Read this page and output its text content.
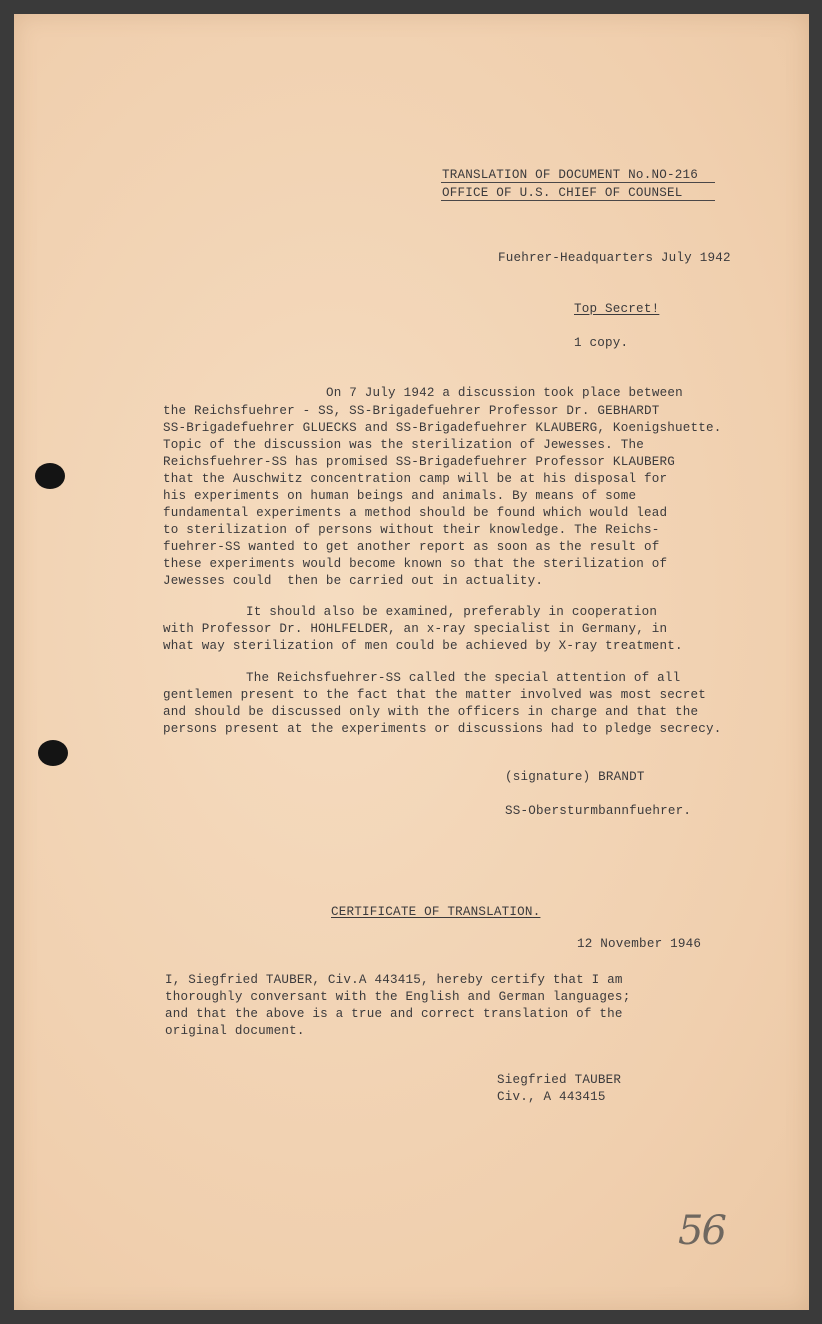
TRANSLATION OF DOCUMENT No.NO-216
OFFICE OF U.S. CHIEF OF COUNSEL
Fuehrer-Headquarters July 1942
Top Secret!
1 copy.
On 7 July 1942 a discussion took place between
the Reichsfuehrer - SS, SS-Brigadefuehrer Professor Dr. GEBHARDT
SS-Brigadefuehrer GLUECKS and SS-Brigadefuehrer KLAUBERG, Koenigshuette.
Topic of the discussion was the sterilization of Jewesses. The
Reichsfuehrer-SS has promised SS-Brigadefuehrer Professor KLAUBERG
that the Auschwitz concentration camp will be at his disposal for
his experiments on human beings and animals. By means of some
fundamental experiments a method should be found which would lead
to sterilization of persons without their knowledge. The Reichs-
fuehrer-SS wanted to get another report as soon as the result of
these experiments would become known so that the sterilization of
Jewesses could  then be carried out in actuality.
It should also be examined, preferably in cooperation
with Professor Dr. HOHLFELDER, an x-ray specialist in Germany, in
what way sterilization of men could be achieved by X-ray treatment.
The Reichsfuehrer-SS called the special attention of all
gentlemen present to the fact that the matter involved was most secret
and should be discussed only with the officers in charge and that the
persons present at the experiments or discussions had to pledge secrecy.
(signature) BRANDT
SS-Obersturmbannfuehrer.
CERTIFICATE OF TRANSLATION.
12 November 1946
I, Siegfried TAUBER, Civ.A 443415, hereby certify that I am
thoroughly conversant with the English and German languages;
and that the above is a true and correct translation of the
original document.
Siegfried TAUBER
Civ., A 443415
56
